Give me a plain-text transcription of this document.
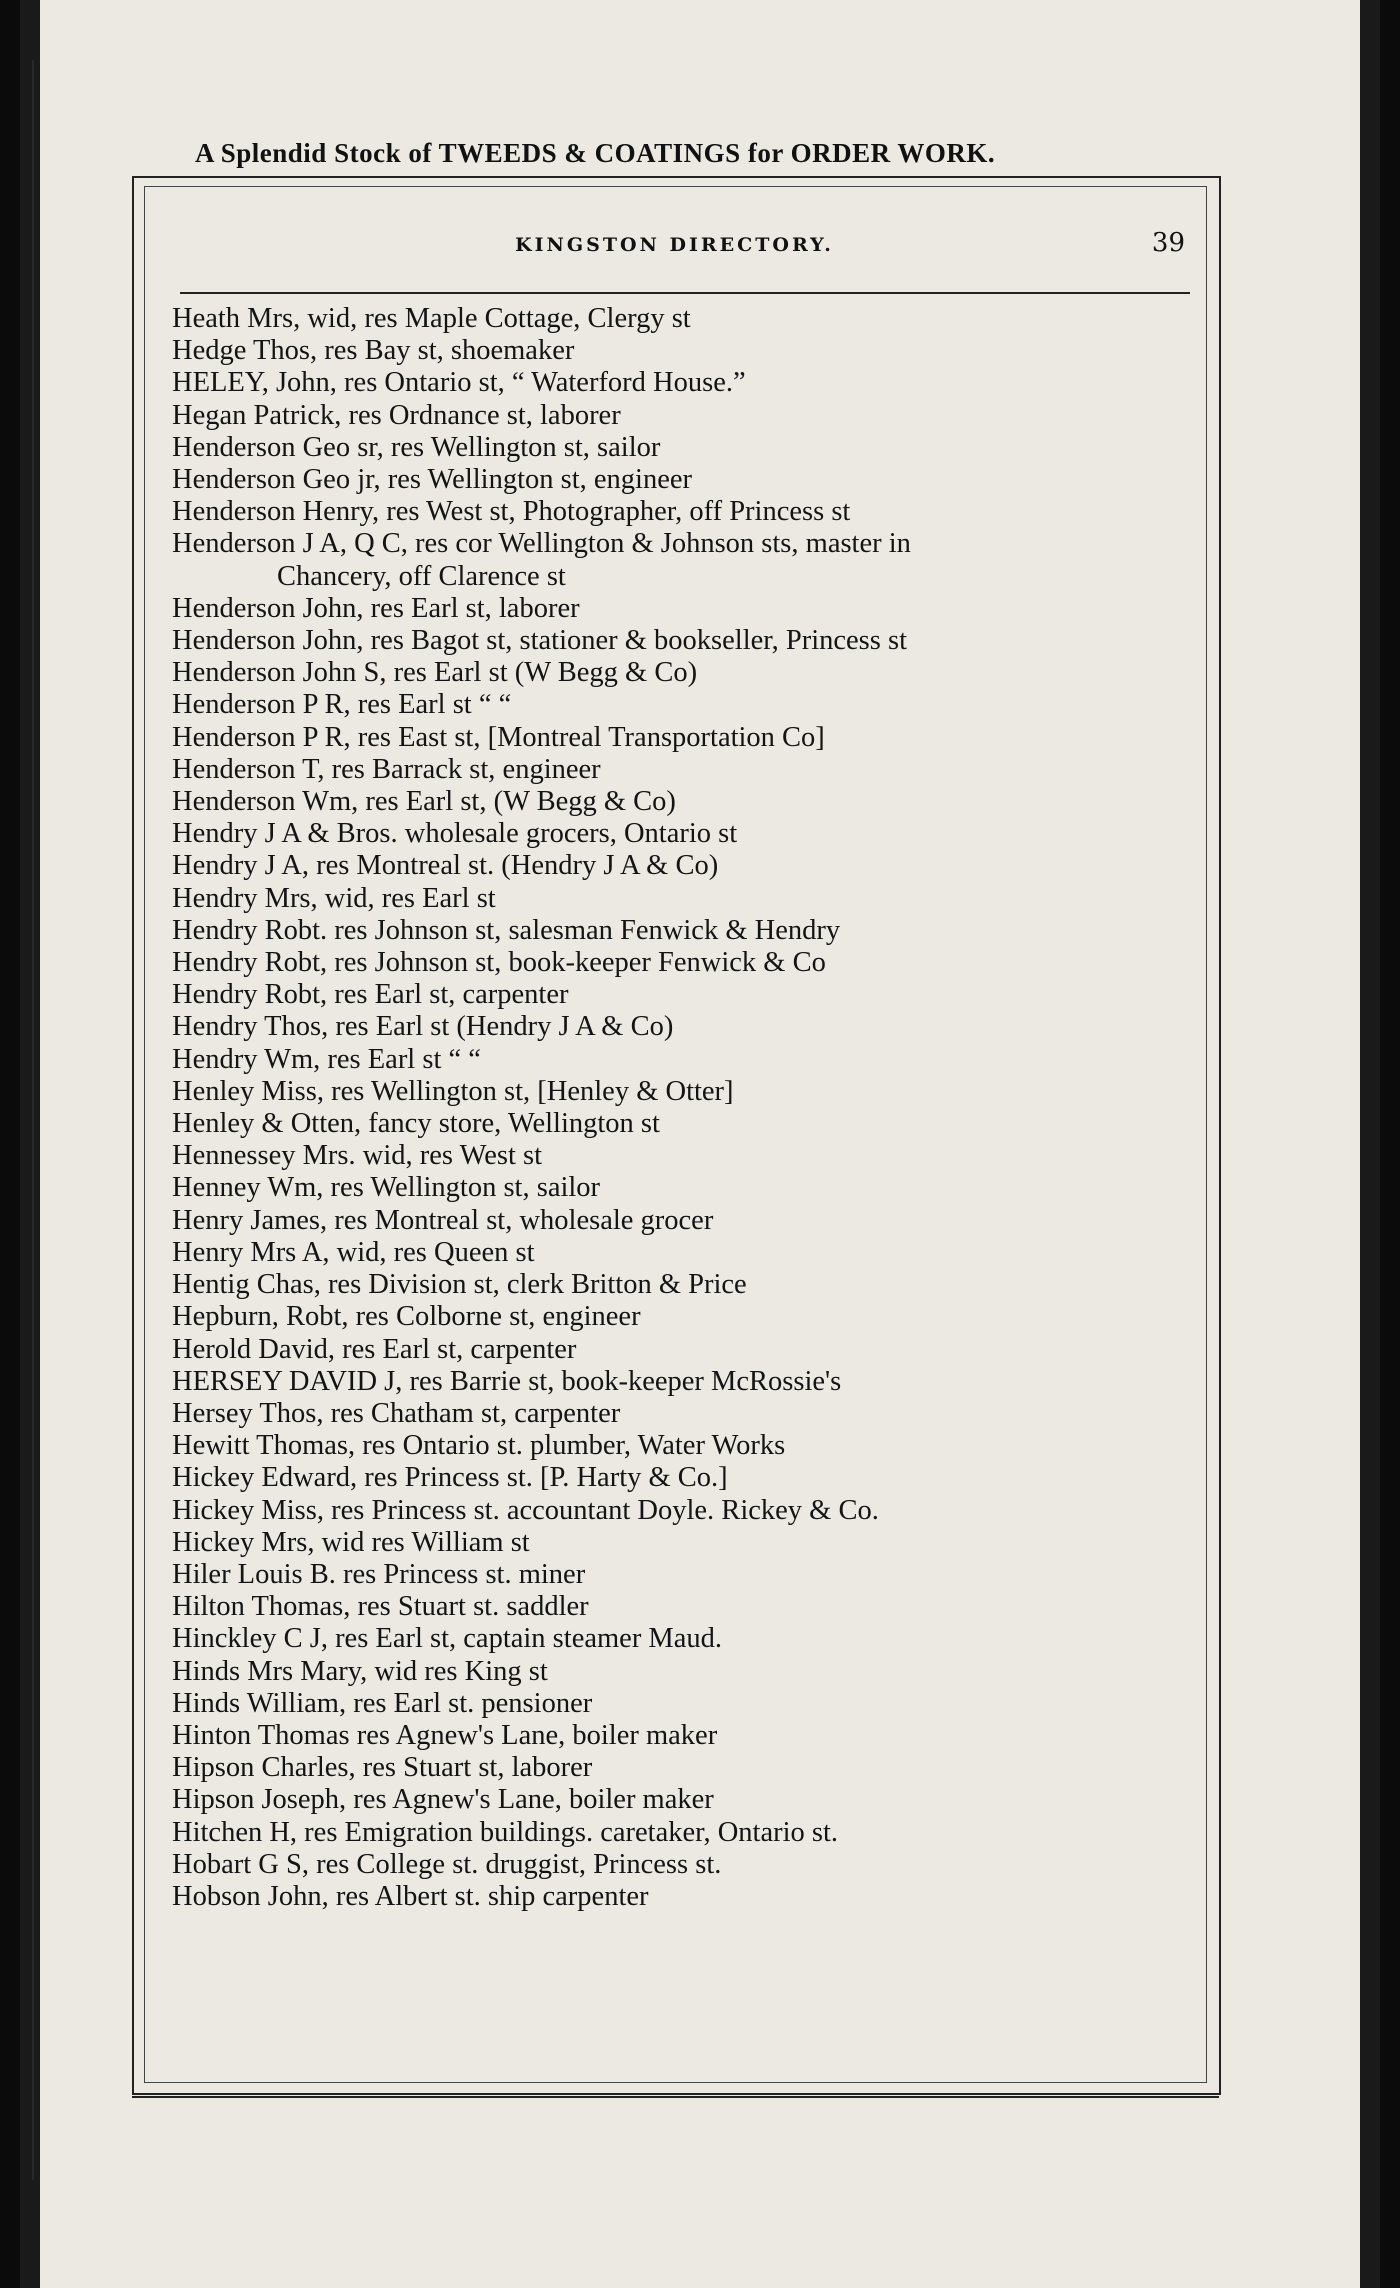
A Splendid Stock of TWEEDS & COATINGS for ORDER WORK.
KINGSTON DIRECTORY.	39
Heath Mrs, wid, res Maple Cottage, Clergy st
Hedge Thos, res Bay st, shoemaker
HELEY, John, res Ontario st, “ Waterford House.”
Hegan Patrick, res Ordnance st, laborer
Henderson Geo sr, res Wellington st, sailor
Henderson Geo jr, res Wellington st, engineer
Henderson Henry, res West st, Photographer, off Princess st
Henderson J A, Q C, res cor Wellington & Johnson sts, master in
Chancery, off Clarence st
Henderson John, res Earl st, laborer
Henderson John, res Bagot st, stationer & bookseller, Princess st
Henderson John S, res Earl st (W Begg & Co)
Henderson P R, res Earl st “ “
Henderson P R, res East st, [Montreal Transportation Co]
Henderson T, res Barrack st, engineer
Henderson Wm, res Earl st, (W Begg & Co)
Hendry J A & Bros. wholesale grocers, Ontario st
Hendry J A, res Montreal st. (Hendry J A & Co)
Hendry Mrs, wid, res Earl st
Hendry Robt. res Johnson st, salesman Fenwick & Hendry
Hendry Robt, res Johnson st, book-keeper Fenwick & Co
Hendry Robt, res Earl st, carpenter
Hendry Thos, res Earl st (Hendry J A & Co)
Hendry Wm, res Earl st “ “
Henley Miss, res Wellington st, [Henley & Otter]
Henley & Otten, fancy store, Wellington st
Hennessey Mrs. wid, res West st
Henney Wm, res Wellington st, sailor
Henry James, res Montreal st, wholesale grocer
Henry Mrs A, wid, res Queen st
Hentig Chas, res Division st, clerk Britton & Price
Hepburn, Robt, res Colborne st, engineer
Herold David, res Earl st, carpenter
HERSEY DAVID J, res Barrie st, book-keeper McRossie's
Hersey Thos, res Chatham st, carpenter
Hewitt Thomas, res Ontario st. plumber, Water Works
Hickey Edward, res Princess st. [P. Harty & Co.]
Hickey Miss, res Princess st. accountant Doyle. Rickey & Co.
Hickey Mrs, wid res William st
Hiler Louis B. res Princess st. miner
Hilton Thomas, res Stuart st. saddler
Hinckley C J, res Earl st, captain steamer Maud.
Hinds Mrs Mary, wid res King st
Hinds William, res Earl st. pensioner
Hinton Thomas res Agnew's Lane, boiler maker
Hipson Charles, res Stuart st, laborer
Hipson Joseph, res Agnew's Lane, boiler maker
Hitchen H, res Emigration buildings. caretaker, Ontario st.
Hobart G S, res College st. druggist, Princess st.
Hobson John, res Albert st. ship carpenter
